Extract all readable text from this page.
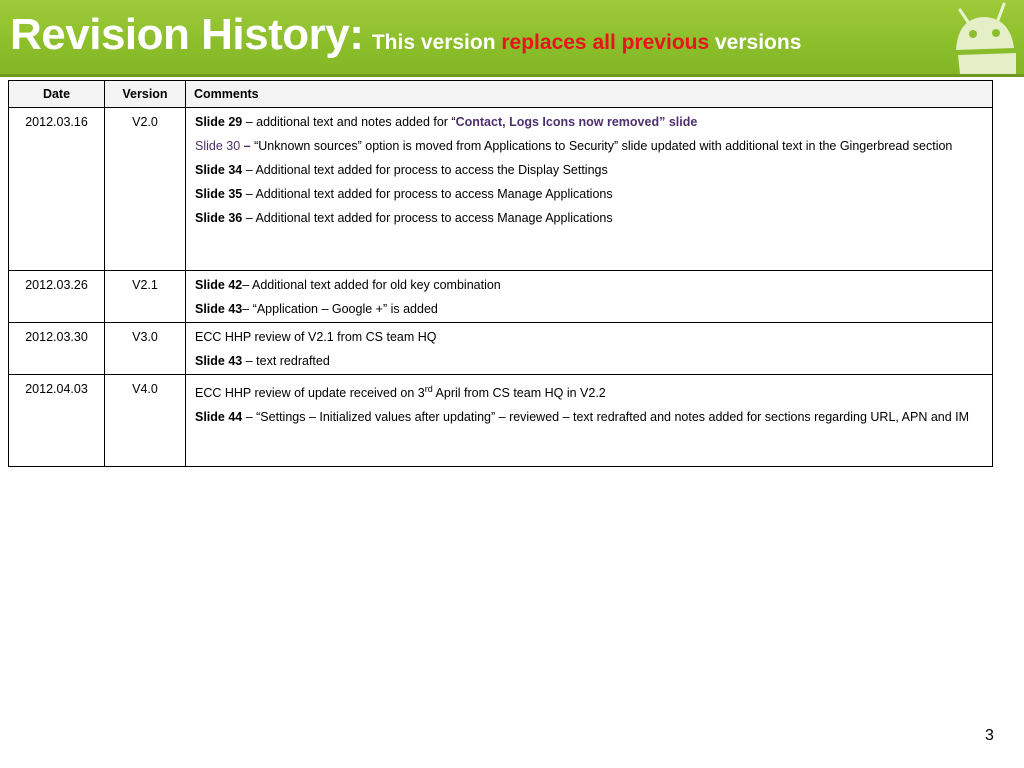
Revision History: This version replaces all previous versions
Date	Version	Comments
2012.03.16	V2.0	Slide 29 – additional text and notes added for “Contact, Logs Icons now removed” slide

Slide 30 – “Unknown sources” option is moved from Applications to Security” slide updated with additional text in the Gingerbread section

Slide 34 – Additional text added for process to access the Display Settings

Slide 35 – Additional text added for process to access Manage Applications

Slide 36 – Additional text added for process to access Manage Applications

2012.03.26	V2.1	Slide 42– Additional text added for old key combination

Slide 43– “Application – Google +” is added

2012.03.30	V3.0	ECC HHP review of V2.1 from CS team HQ

Slide 43 – text redrafted

2012.04.03	V4.0	ECC HHP review of update received on 3rd April from CS team HQ in V2.2

Slide 44 – “Settings – Initialized values after updating” – reviewed – text redrafted and notes added for sections regarding URL, APN and IM

3
